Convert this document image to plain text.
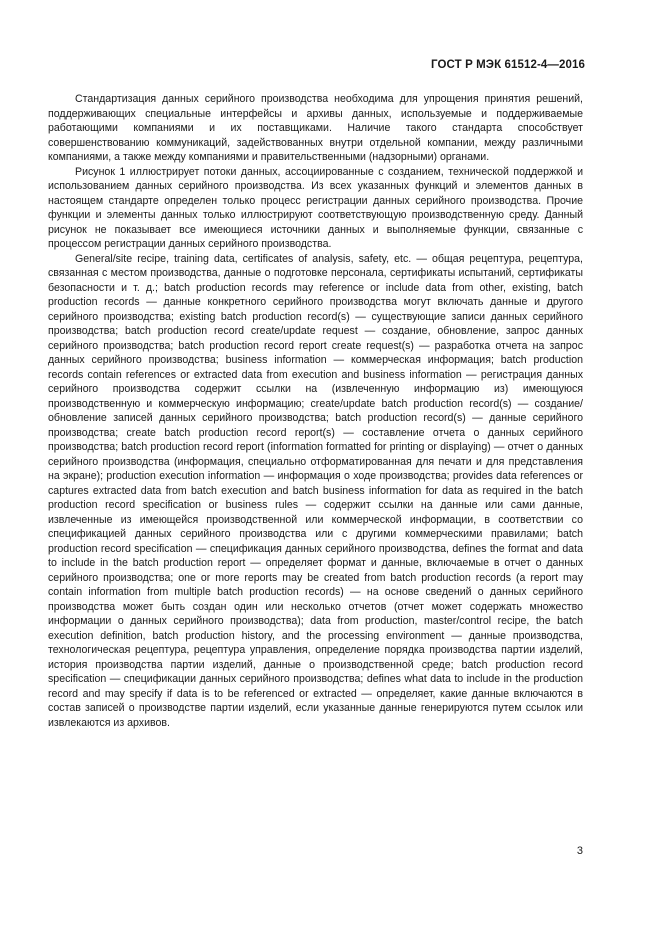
ГОСТ Р МЭК 61512-4—2016

Стандартизация данных серийного производства необходима для упрощения принятия решений, поддерживающих специальные интерфейсы и архивы данных, используемые и поддерживаемые работающими компаниями и их поставщиками. Наличие такого стандарта способствует совершенствованию коммуникаций, задействованных внутри отдельной компании, между различными компаниями, а также между компаниями и правительственными (надзорными) органами.

Рисунок 1 иллюстрирует потоки данных, ассоциированные с созданием, технической поддержкой и использованием данных серийного производства. Из всех указанных функций и элементов данных в настоящем стандарте определен только процесс регистрации данных серийного производства. Прочие функции и элементы данных только иллюстрируют соответствующую производственную среду. Данный рисунок не показывает все имеющиеся источники данных и выполняемые функции, связанные с процессом регистрации данных серийного производства.

General/site recipe, training data, certificates of analysis, safety, etc. — общая рецептура, рецептура, связанная с местом производства, данные о подготовке персонала, сертификаты испытаний, сертификаты безопасности и т. д.; batch production records may reference or include data from other, existing, batch production records — данные конкретного серийного производства могут включать данные и другого серийного производства; existing batch production record(s) — существующие записи данных серийного производства; batch production record create/update request — создание, обновление, запрос данных серийного производства; batch production record report create request(s) — разработка отчета на запрос данных серийного производства; business information — коммерческая информация; batch production records contain references or extracted data from execution and business information — регистрация данных серийного производства содержит ссылки на (извлеченную информацию из) имеющуюся производственную и коммерческую информацию; create/update batch production record(s) — создание/обновление записей данных серийного производства; batch production record(s) — данные серийного производства; create batch production record report(s) — составление отчета о данных серийного производства; batch production record report (information formatted for printing or displaying) — отчет о данных серийного производства (информация, специально отформатированная для печати и для представления на экране); production execution information — информация о ходе производства; provides data references or captures extracted data from batch execution and batch business information for data as required in the batch production record specification or business rules — содержит ссылки на данные или сами данные, извлеченные из имеющейся производственной или коммерческой информации, в соответствии со спецификацией данных серийного производства или с другими коммерческими правилами; batch production record specification — спецификация данных серийного производства, defines the format and data to include in the batch production report — определяет формат и данные, включаемые в отчет о данных серийного производства; one or more reports may be created from batch production records (a report may contain information from multiple batch production records) — на основе сведений о данных серийного производства может быть создан один или несколько отчетов (отчет может содержать множество информации о данных серийного производства); data from production, master/control recipe, the batch execution definition, batch production history, and the processing environment — данные производства, технологическая рецептура, рецептура управления, определение порядка производства партии изделий, история производства партии изделий, данные о производственной среде; batch production record specification — спецификации данных серийного производства; defines what data to include in the production record and may specify if data is to be referenced or extracted — определяет, какие данные включаются в состав записей о производстве партии изделий, если указанные данные генерируются путем ссылок или извлекаются из архивов.

3
